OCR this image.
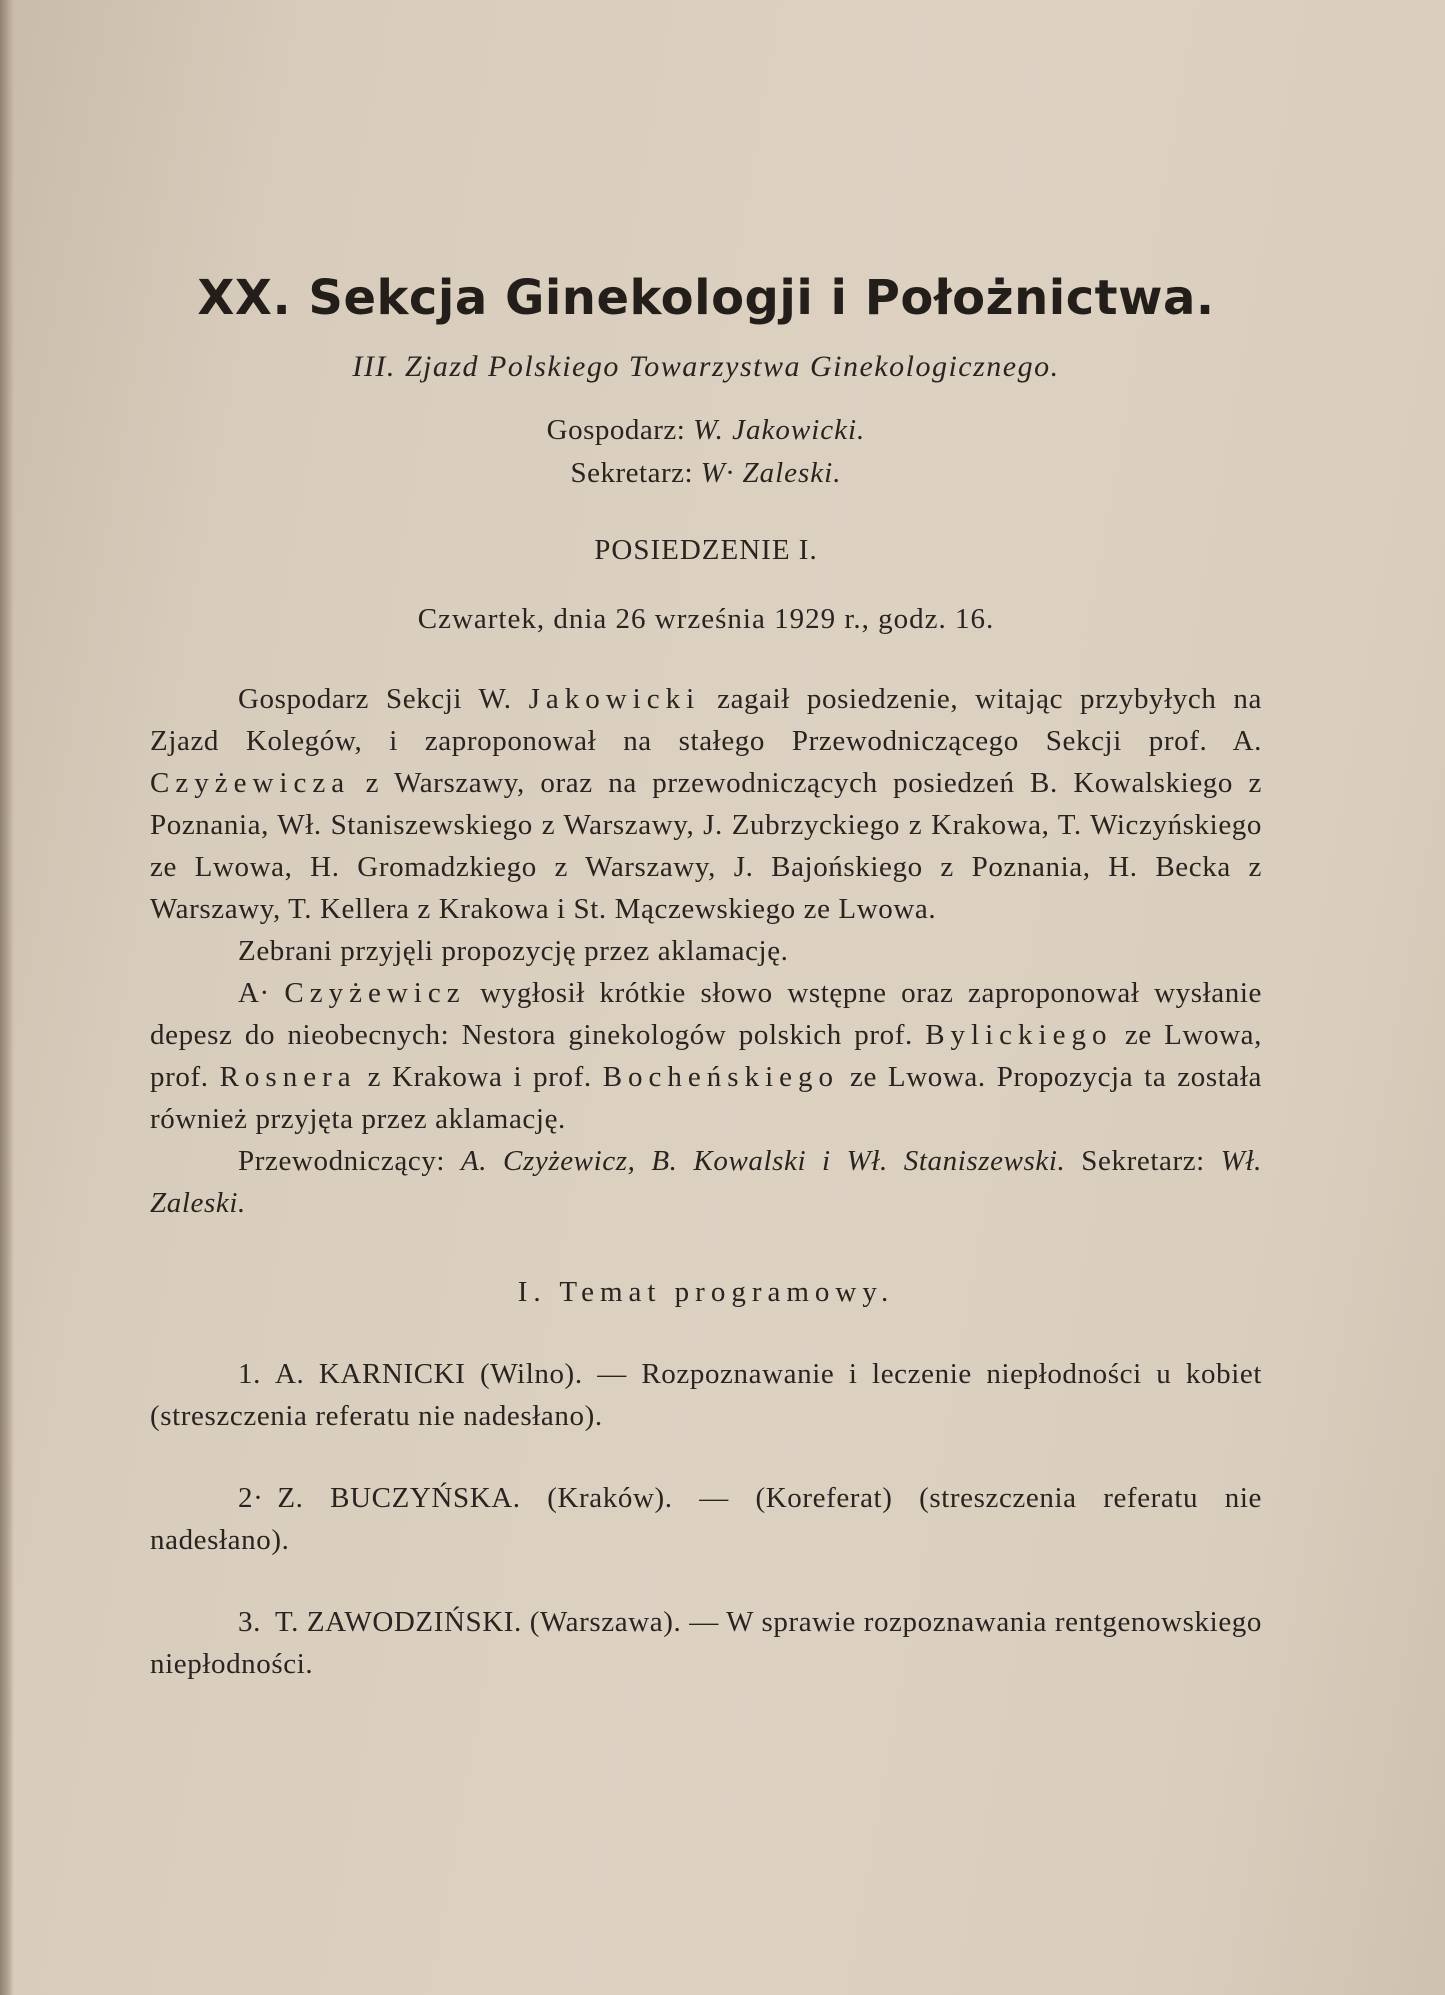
XX. Sekcja Ginekologji i Położnictwa.

III. Zjazd Polskiego Towarzystwa Ginekologicznego.

Gospodarz: W. Jakowicki.

Sekretarz: W· Zaleski.

POSIEDZENIE I.

Czwartek, dnia 26 września 1929 r., godz. 16.

Gospodarz Sekcji W. Jakowicki zagaił posiedzenie, witając przybyłych na Zjazd Kolegów, i zaproponował na stałego Przewodniczącego Sekcji prof. A. Czyżewicza z Warszawy, oraz na przewodniczących posiedzeń B. Kowalskiego z Poznania, Wł. Staniszewskiego z Warszawy, J. Zubrzyckiego z Krakowa, T. Wiczyńskiego ze Lwowa, H. Gromadzkiego z Warszawy, J. Bajońskiego z Poznania, H. Becka z Warszawy, T. Kellera z Krakowa i St. Mączewskiego ze Lwowa.

Zebrani przyjęli propozycję przez aklamację.

A· Czyżewicz wygłosił krótkie słowo wstępne oraz zaproponował wysłanie depesz do nieobecnych: Nestora ginekologów polskich prof. Bylickiego ze Lwowa, prof. Rosnera z Krakowa i prof. Bocheńskiego ze Lwowa. Propozycja ta została również przyjęta przez aklamację.

Przewodniczący: A. Czyżewicz, B. Kowalski i Wł. Staniszewski. Sekretarz: Wł. Zaleski.

I. Temat programowy.

1. A. KARNICKI (Wilno). — Rozpoznawanie i leczenie niepłodności u kobiet (streszczenia referatu nie nadesłano).

2· Z. BUCZYŃSKA. (Kraków). — (Koreferat) (streszczenia referatu nie nadesłano).

3. T. ZAWODZIŃSKI. (Warszawa). — W sprawie rozpoznawania rentgenowskiego niepłodności.
